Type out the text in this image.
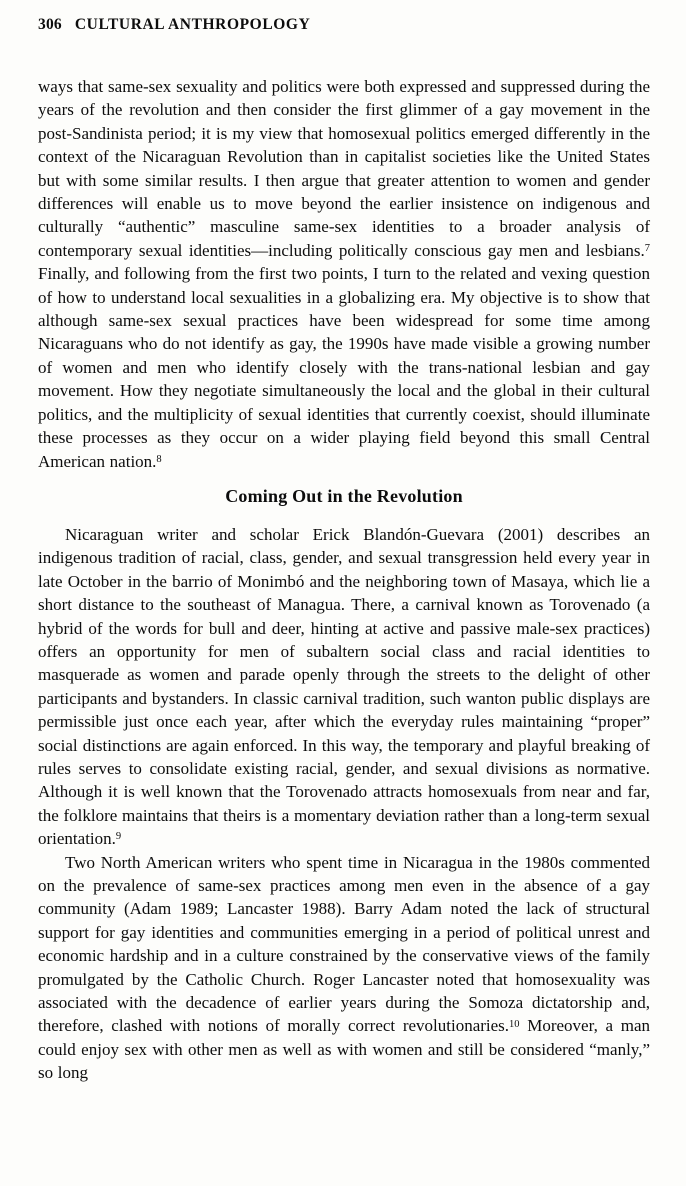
306 CULTURAL ANTHROPOLOGY

ways that same-sex sexuality and politics were both expressed and suppressed during the years of the revolution and then consider the first glimmer of a gay movement in the post-Sandinista period; it is my view that homosexual politics emerged differently in the context of the Nicaraguan Revolution than in capitalist societies like the United States but with some similar results. I then argue that greater attention to women and gender differences will enable us to move beyond the earlier insistence on indigenous and culturally “authentic” masculine same-sex identities to a broader analysis of contemporary sexual identities—including politically conscious gay men and lesbians.$^7$ Finally, and following from the first two points, I turn to the related and vexing question of how to understand local sexualities in a globalizing era. My objective is to show that although same-sex sexual practices have been widespread for some time among Nicaraguans who do not identify as gay, the 1990s have made visible a growing number of women and men who identify closely with the trans-national lesbian and gay movement. How they negotiate simultaneously the local and the global in their cultural politics, and the multiplicity of sexual identities that currently coexist, should illuminate these processes as they occur on a wider playing field beyond this small Central American nation.$^8$

Coming Out in the Revolution

Nicaraguan writer and scholar Erick Blandón-Guevara (2001) describes an indigenous tradition of racial, class, gender, and sexual transgression held every year in late October in the barrio of Monimbó and the neighboring town of Masaya, which lie a short distance to the southeast of Managua. There, a carnival known as Torovenado (a hybrid of the words for bull and deer, hinting at active and passive male-sex practices) offers an opportunity for men of subaltern social class and racial identities to masquerade as women and parade openly through the streets to the delight of other participants and bystanders. In classic carnival tradition, such wanton public displays are permissible just once each year, after which the everyday rules maintaining “proper” social distinctions are again enforced. In this way, the temporary and playful breaking of rules serves to consolidate existing racial, gender, and sexual divisions as normative. Although it is well known that the Torovenado attracts homosexuals from near and far, the folklore maintains that theirs is a momentary deviation rather than a long-term sexual orientation.$^9$

Two North American writers who spent time in Nicaragua in the 1980s commented on the prevalence of same-sex practices among men even in the absence of a gay community (Adam 1989; Lancaster 1988). Barry Adam noted the lack of structural support for gay identities and communities emerging in a period of political unrest and economic hardship and in a culture constrained by the conservative views of the family promulgated by the Catholic Church. Roger Lancaster noted that homosexuality was associated with the decadence of earlier years during the Somoza dictatorship and, therefore, clashed with notions of morally correct revolutionaries.$^{10}$ Moreover, a man could enjoy sex with other men as well as with women and still be considered “manly,” so long
